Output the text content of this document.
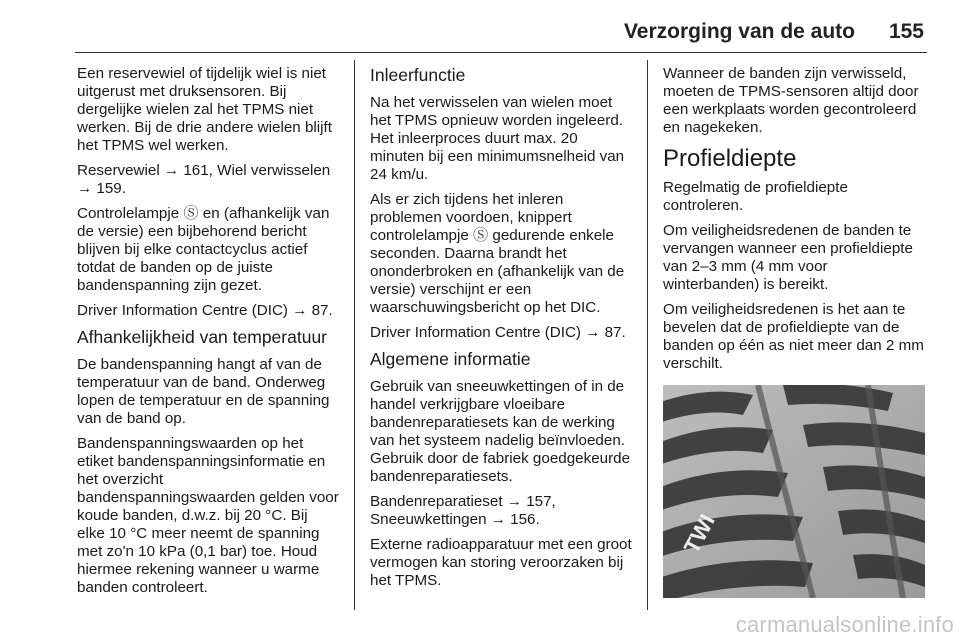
Verzorging van de auto 155

Een reservewiel of tijdelijk wiel is niet uitgerust met druksensoren. Bij dergelijke wielen zal het TPMS niet werken. Bij de drie andere wielen blijft het TPMS wel werken.

Reservewiel → 161, Wiel verwisselen → 159.

Controlelampje Ⓢ en (afhankelijk van de versie) een bijbehorend bericht blijven bij elke contactcyclus actief totdat de banden op de juiste bandenspanning zijn gezet.

Driver Information Centre (DIC) → 87.

Afhankelijkheid van temperatuur

De bandenspanning hangt af van de temperatuur van de band. Onderweg lopen de temperatuur en de spanning van de band op.

Bandenspanningswaarden op het etiket bandenspanningsinformatie en het overzicht bandenspanningswaarden gelden voor koude banden, d.w.z. bij 20 °C. Bij elke 10 °C meer neemt de spanning met zo'n 10 kPa (0,1 bar) toe. Houd hiermee rekening wanneer u warme banden controleert.

Inleerfunctie

Na het verwisselen van wielen moet het TPMS opnieuw worden ingeleerd. Het inleerproces duurt max. 20 minuten bij een minimumsnelheid van 24 km/u.

Als er zich tijdens het inleren problemen voordoen, knippert controlelampje Ⓢ gedurende enkele seconden. Daarna brandt het ononderbroken en (afhankelijk van de versie) verschijnt er een waarschuwingsbericht op het DIC.

Driver Information Centre (DIC) → 87.

Algemene informatie

Gebruik van sneeuwkettingen of in de handel verkrijgbare vloeibare bandenreparatiesets kan de werking van het systeem nadelig beïnvloeden. Gebruik door de fabriek goedgekeurde bandenreparatiesets.

Bandenreparatieset → 157, Sneeuwkettingen → 156.

Externe radioapparatuur met een groot vermogen kan storing veroorzaken bij het TPMS.

Wanneer de banden zijn verwisseld, moeten de TPMS-sensoren altijd door een werkplaats worden gecontroleerd en nagekeken.

Profieldiepte

Regelmatig de profieldiepte controleren.

Om veiligheidsredenen de banden te vervangen wanneer een profieldiepte van 2–3 mm (4 mm voor winterbanden) is bereikt.

Om veiligheidsredenen is het aan te bevelen dat de profieldiepte van de banden op één as niet meer dan 2 mm verschilt.

TWI
carmanualsonline.info
